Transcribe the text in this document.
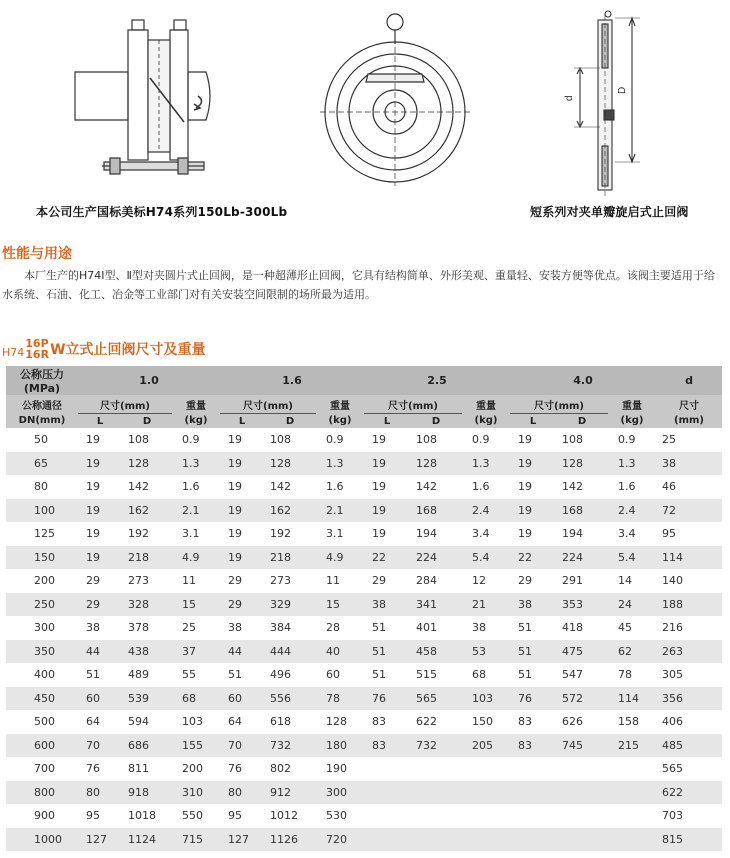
d
D
本公司生产国标美标H74系列150Lb-300Lb	短系列对夹单瓣旋启式止回阀
性能与用途

本厂生产的H74Ⅰ型、Ⅱ型对夹圆片式止回阀，是一种超薄形止回阀，它具有结构简单、外形美观、重量轻、安装方便等优点。该阀主要适用于给水系统、石油、化工、冶金等工业部门对有关安装空间限制的场所最为适用。

H74
16P
16R W立式止回阀尺寸及重量
公称压力(MPa)	1.0			1.6			2.5			4.0			d
公称通径	尺寸(mm)		重量	尺寸(mm)		重量	尺寸(mm)		重量	尺寸(mm)		重量	尺寸
DN(mm)	L	D	(kg)	L	D	(kg)	L	D	(kg)	L	D	(kg)	(mm)
50	19	108	0.9	19	108	0.9	19	108	0.9	19	108	0.9	25
65	19	128	1.3	19	128	1.3	19	128	1.3	19	128	1.3	38
80	19	142	1.6	19	142	1.6	19	142	1.6	19	142	1.6	46
100	19	162	2.1	19	162	2.1	19	168	2.4	19	168	2.4	72
125	19	192	3.1	19	192	3.1	19	194	3.4	19	194	3.4	95
150	19	218	4.9	19	218	4.9	22	224	5.4	22	224	5.4	114
200	29	273	11	29	273	11	29	284	12	29	291	14	140
250	29	328	15	29	329	15	38	341	21	38	353	24	188
300	38	378	25	38	384	28	51	401	38	51	418	45	216
350	44	438	37	44	444	40	51	458	53	51	475	62	263
400	51	489	55	51	496	60	51	515	68	51	547	78	305
450	60	539	68	60	556	78	76	565	103	76	572	114	356
500	64	594	103	64	618	128	83	622	150	83	626	158	406
600	70	686	155	70	732	180	83	732	205	83	745	215	485
700	76	811	200	76	802	190							565
800	80	918	310	80	912	300							622
900	95	1018	550	95	1012	530							703
1000	127	1124	715	127	1126	720							815
